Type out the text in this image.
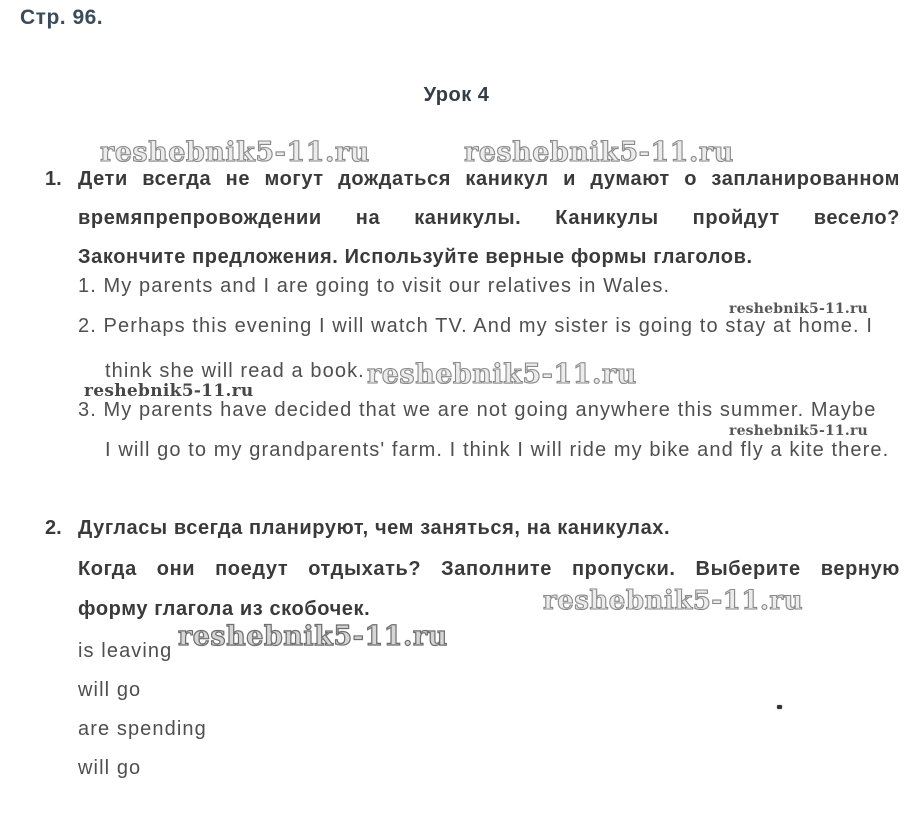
Стр. 96.
Урок 4
reshebnik5-11.ru	reshebnik5-11.ru
1. Дети всегда не могут дождаться каникул и думают о запланированном
времяпрепровождении на каникулы. Каникулы пройдут весело?
Закончите предложения. Используйте верные формы глаголов.
1. My parents and I are going to visit our relatives in Wales.
reshebnik5-11.ru
2. Perhaps this evening I will watch TV. And my sister is going to stay at home. I
think she will read a book. reshebnik5-11.ru
reshebnik5-11.ru
3. My parents have decided that we are not going anywhere this summer. Maybe
reshebnik5-11.ru
I will go to my grandparents' farm. I think I will ride my bike and fly a kite there.
2. Дугласы всегда планируют, чем заняться, на каникулах.
Когда они поедут отдыхать? Заполните пропуски. Выберите верную
форму глагола из скобочек.	reshebnik5-11.ru
reshebnik5-11.ru
is leaving
will go
are spending
will go
